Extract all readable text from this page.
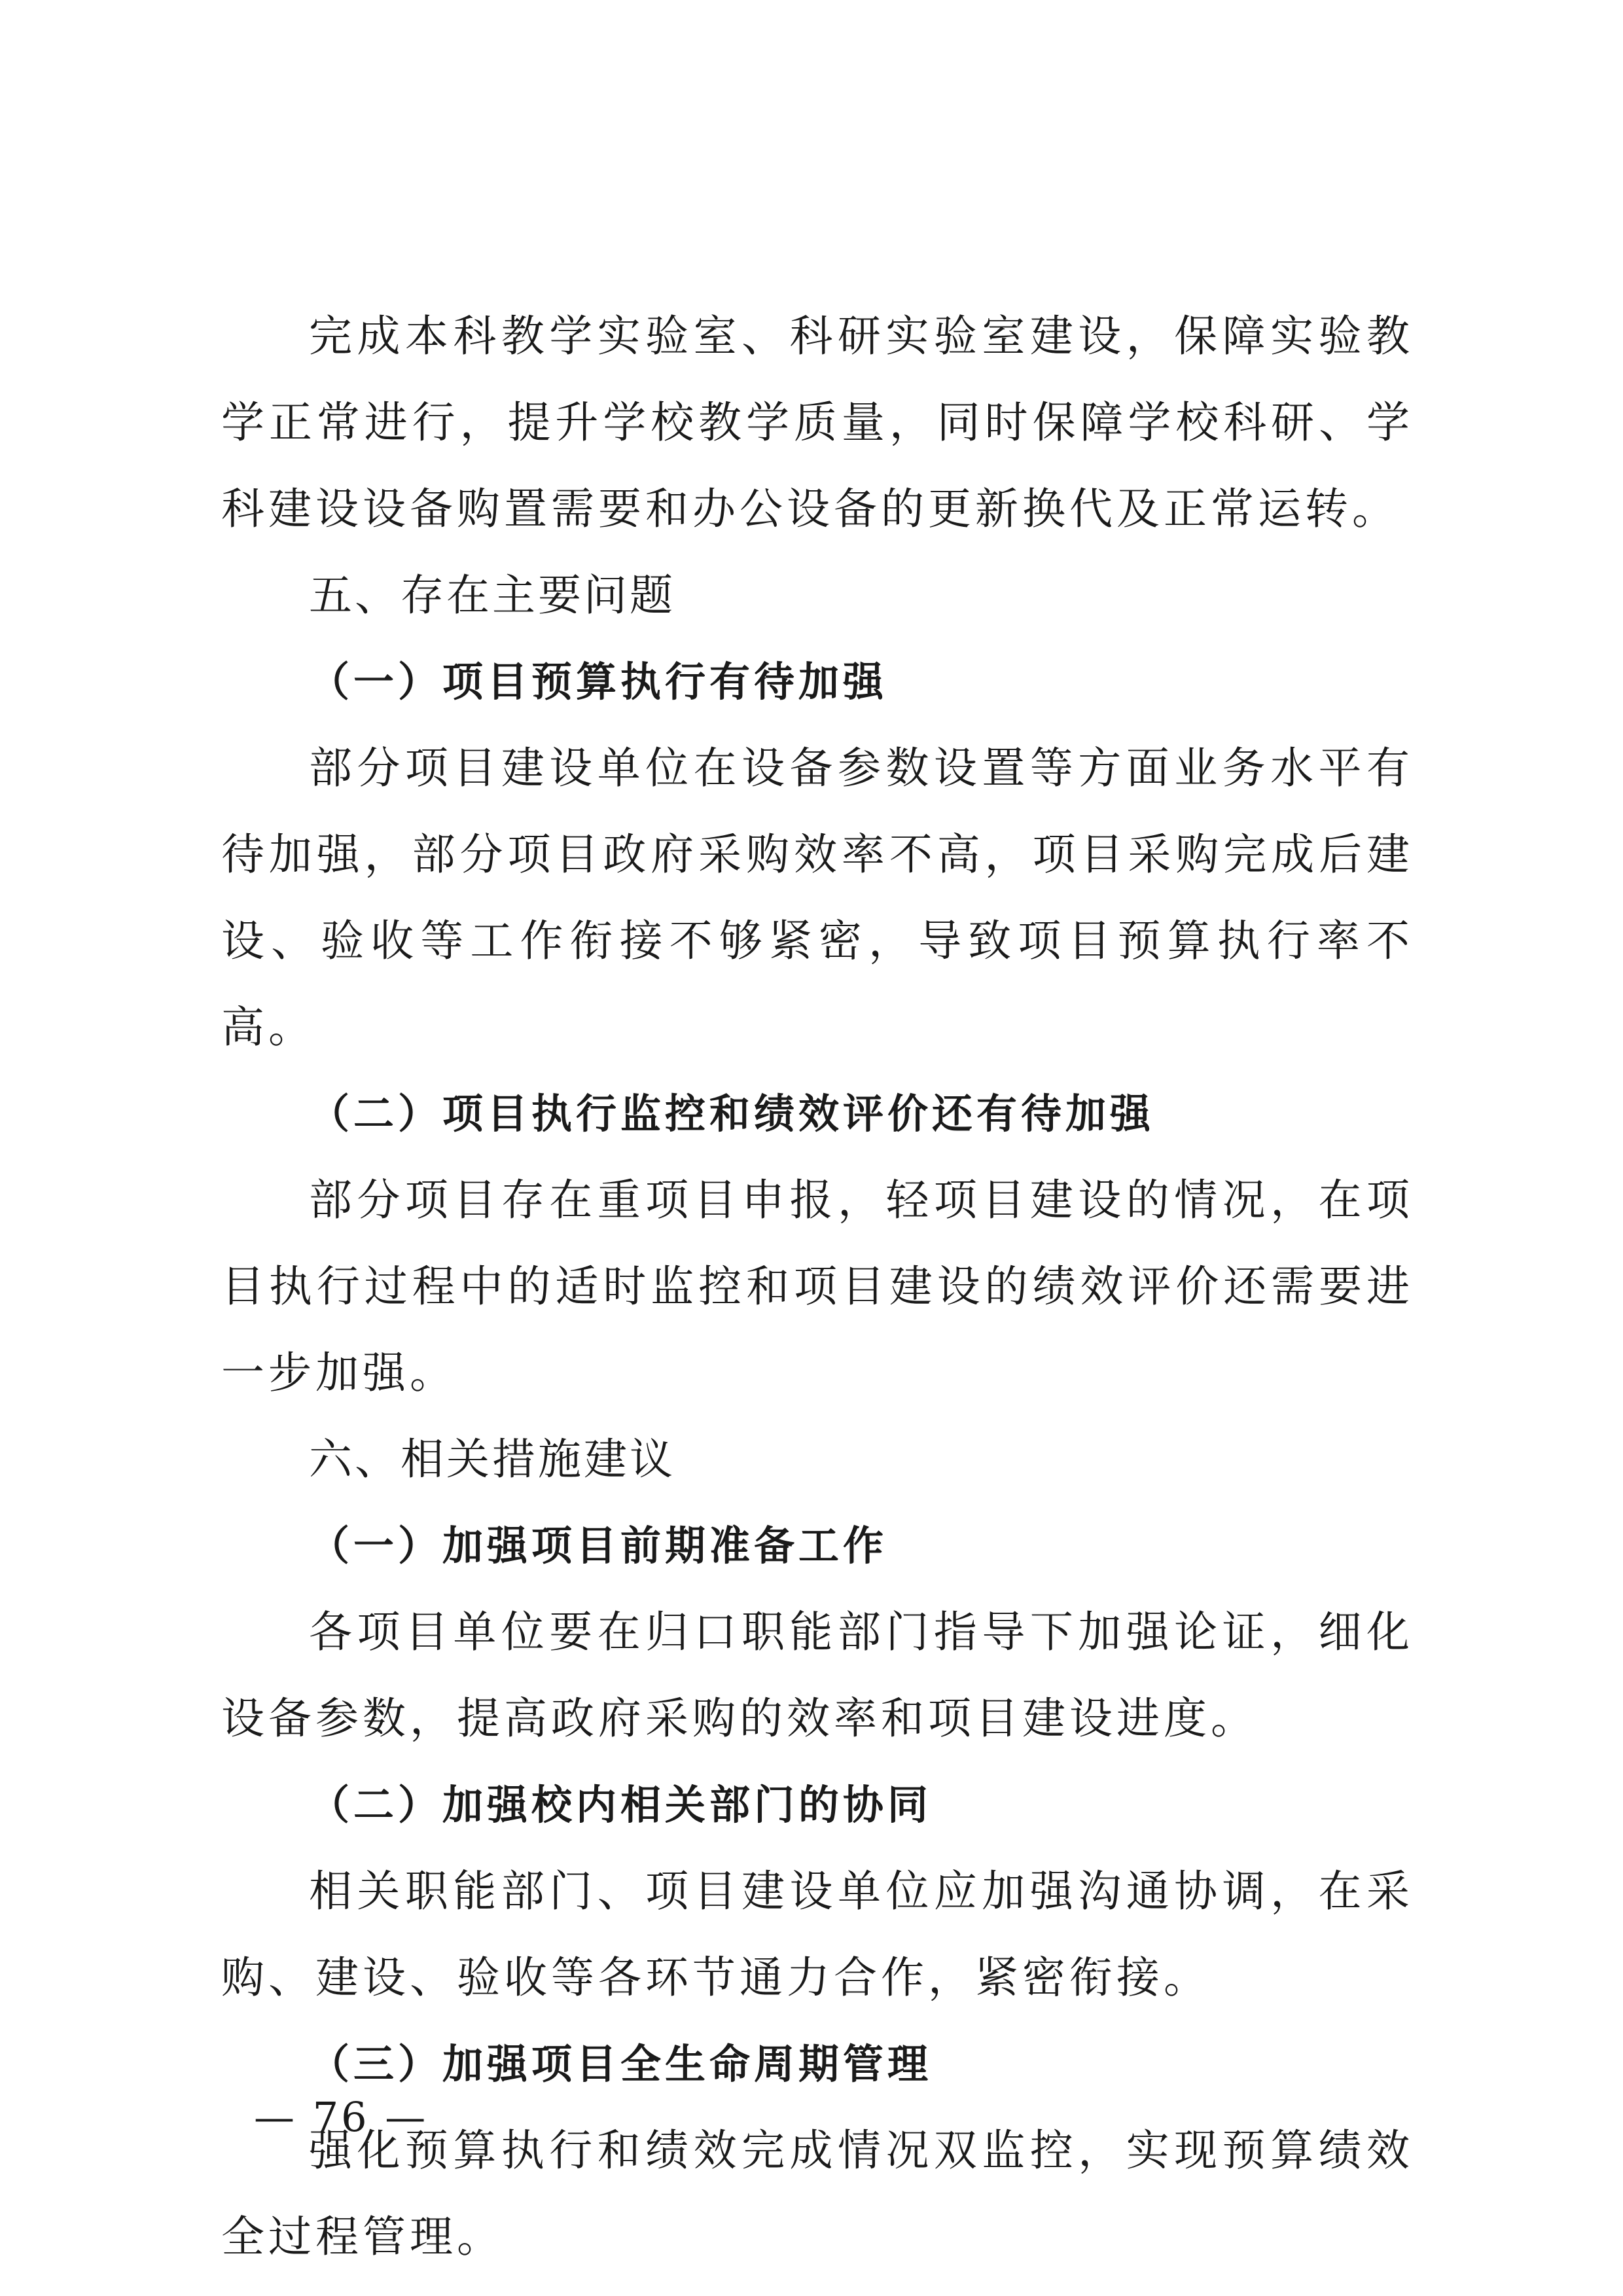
完成本科教学实验室、科研实验室建设，保障实验教学正常进行，提升学校教学质量，同时保障学校科研、学科建设设备购置需要和办公设备的更新换代及正常运转。

五、存在主要问题
（一）项目预算执行有待加强

部分项目建设单位在设备参数设置等方面业务水平有待加强，部分项目政府采购效率不高，项目采购完成后建设、验收等工作衔接不够紧密，导致项目预算执行率不高。

（二）项目执行监控和绩效评价还有待加强

部分项目存在重项目申报，轻项目建设的情况，在项目执行过程中的适时监控和项目建设的绩效评价还需要进一步加强。

六、相关措施建议
（一）加强项目前期准备工作

各项目单位要在归口职能部门指导下加强论证，细化设备参数，提高政府采购的效率和项目建设进度。

（二）加强校内相关部门的协同

相关职能部门、项目建设单位应加强沟通协调，在采购、建设、验收等各环节通力合作，紧密衔接。

（三）加强项目全生命周期管理

强化预算执行和绩效完成情况双监控，实现预算绩效全过程管理。

— 76 —
